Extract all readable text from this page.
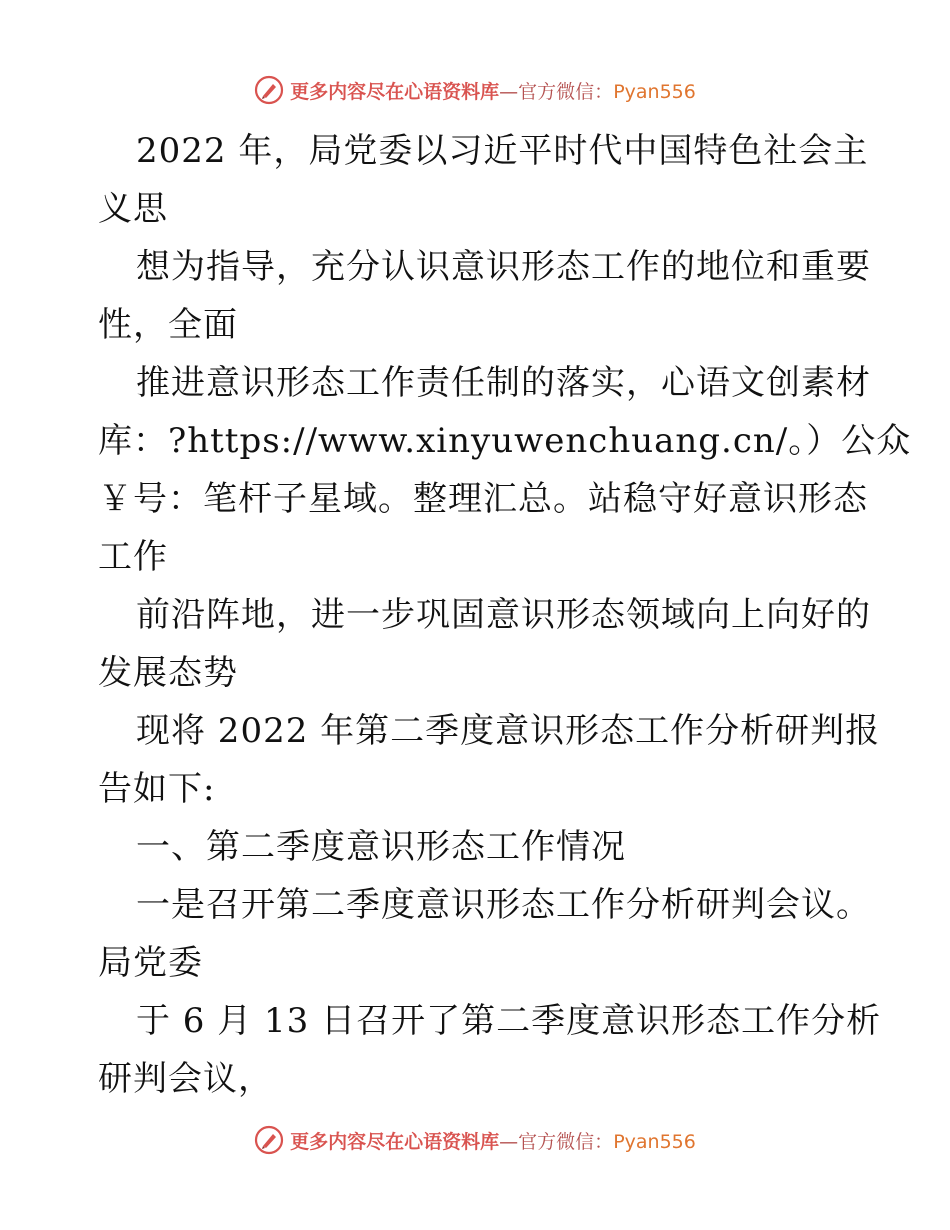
更多内容尽在心语资料库—官方微信：Pyan556

2022 年，局党委以习近平时代中国特色社会主

义思

想为指导，充分认识意识形态工作的地位和重要

性，全面

推进意识形态工作责任制的落实，心语文创素材

库：?https://www.xinyuwenchuang.cn/。）公众

￥号：笔杆子星域。整理汇总。站稳守好意识形态

工作

前沿阵地，进一步巩固意识形态领域向上向好的

发展态势

现将 2022 年第二季度意识形态工作分析研判报

告如下:

一、第二季度意识形态工作情况

一是召开第二季度意识形态工作分析研判会议。

局党委

于 6 月 13 日召开了第二季度意识形态工作分析

研判会议，

更多内容尽在心语资料库—官方微信：Pyan556
